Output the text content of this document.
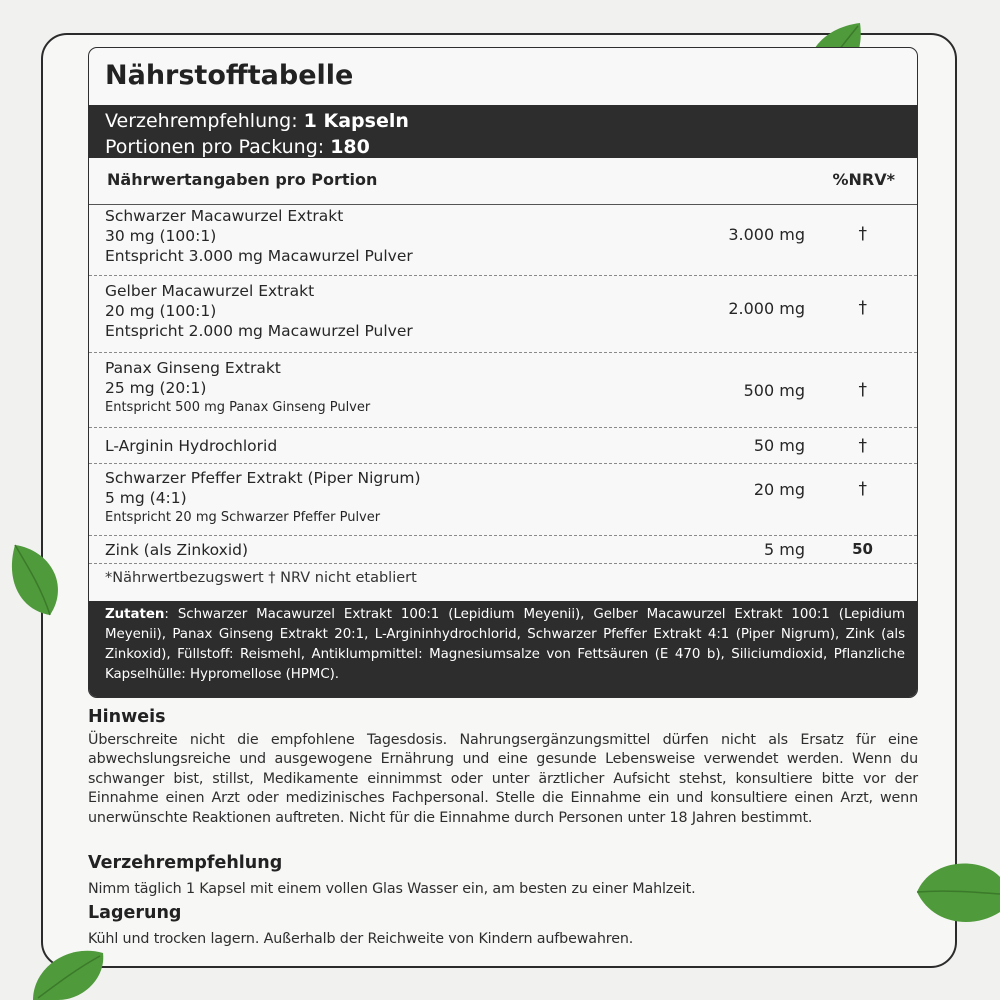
Nährstofftabelle
Verzehrempfehlung: 1 Kapseln
Portionen pro Packung: 180
Nährwertangaben pro Portion	%NRV*
Schwarzer Macawurzel Extrakt
30 mg (100:1)
Entspricht 3.000 mg Macawurzel Pulver
3.000 mg	†
Gelber Macawurzel Extrakt
20 mg (100:1)
Entspricht 2.000 mg Macawurzel Pulver
2.000 mg	†
Panax Ginseng Extrakt
25 mg (20:1)
Entspricht 500 mg Panax Ginseng Pulver
500 mg	†
L-Arginin Hydrochlorid	50 mg	†
Schwarzer Pfeffer Extrakt (Piper Nigrum)
5 mg (4:1)
Entspricht 20 mg Schwarzer Pfeffer Pulver
20 mg	†
Zink (als Zinkoxid)	5 mg	50
*Nährwertbezugswert † NRV nicht etabliert
Zutaten: Schwarzer Macawurzel Extrakt 100:1 (Lepidium Meyenii), Gelber Macawurzel Extrakt 100:1 (Lepidium Meyenii), Panax Ginseng Extrakt 20:1, L-Argininhydrochlorid, Schwarzer Pfeffer Extrakt 4:1 (Piper Nigrum), Zink (als Zinkoxid), Füllstoff: Reismehl, Antiklumpmittel: Magnesiumsalze von Fettsäuren (E 470 b), Siliciumdioxid, Pflanzliche Kapselhülle: Hypromellose (HPMC).
Hinweis
Überschreite nicht die empfohlene Tagesdosis. Nahrungsergänzungsmittel dürfen nicht als Ersatz für eine abwechslungsreiche und ausgewogene Ernährung und eine gesunde Lebensweise verwendet werden. Wenn du schwanger bist, stillst, Medikamente einnimmst oder unter ärztlicher Aufsicht stehst, konsultiere bitte vor der Einnahme einen Arzt oder medizinisches Fachpersonal. Stelle die Einnahme ein und konsultiere einen Arzt, wenn unerwünschte Reaktionen auftreten. Nicht für die Einnahme durch Personen unter 18 Jahren bestimmt.
Verzehrempfehlung
Nimm täglich 1 Kapsel mit einem vollen Glas Wasser ein, am besten zu einer Mahlzeit.
Lagerung
Kühl und trocken lagern. Außerhalb der Reichweite von Kindern aufbewahren.
